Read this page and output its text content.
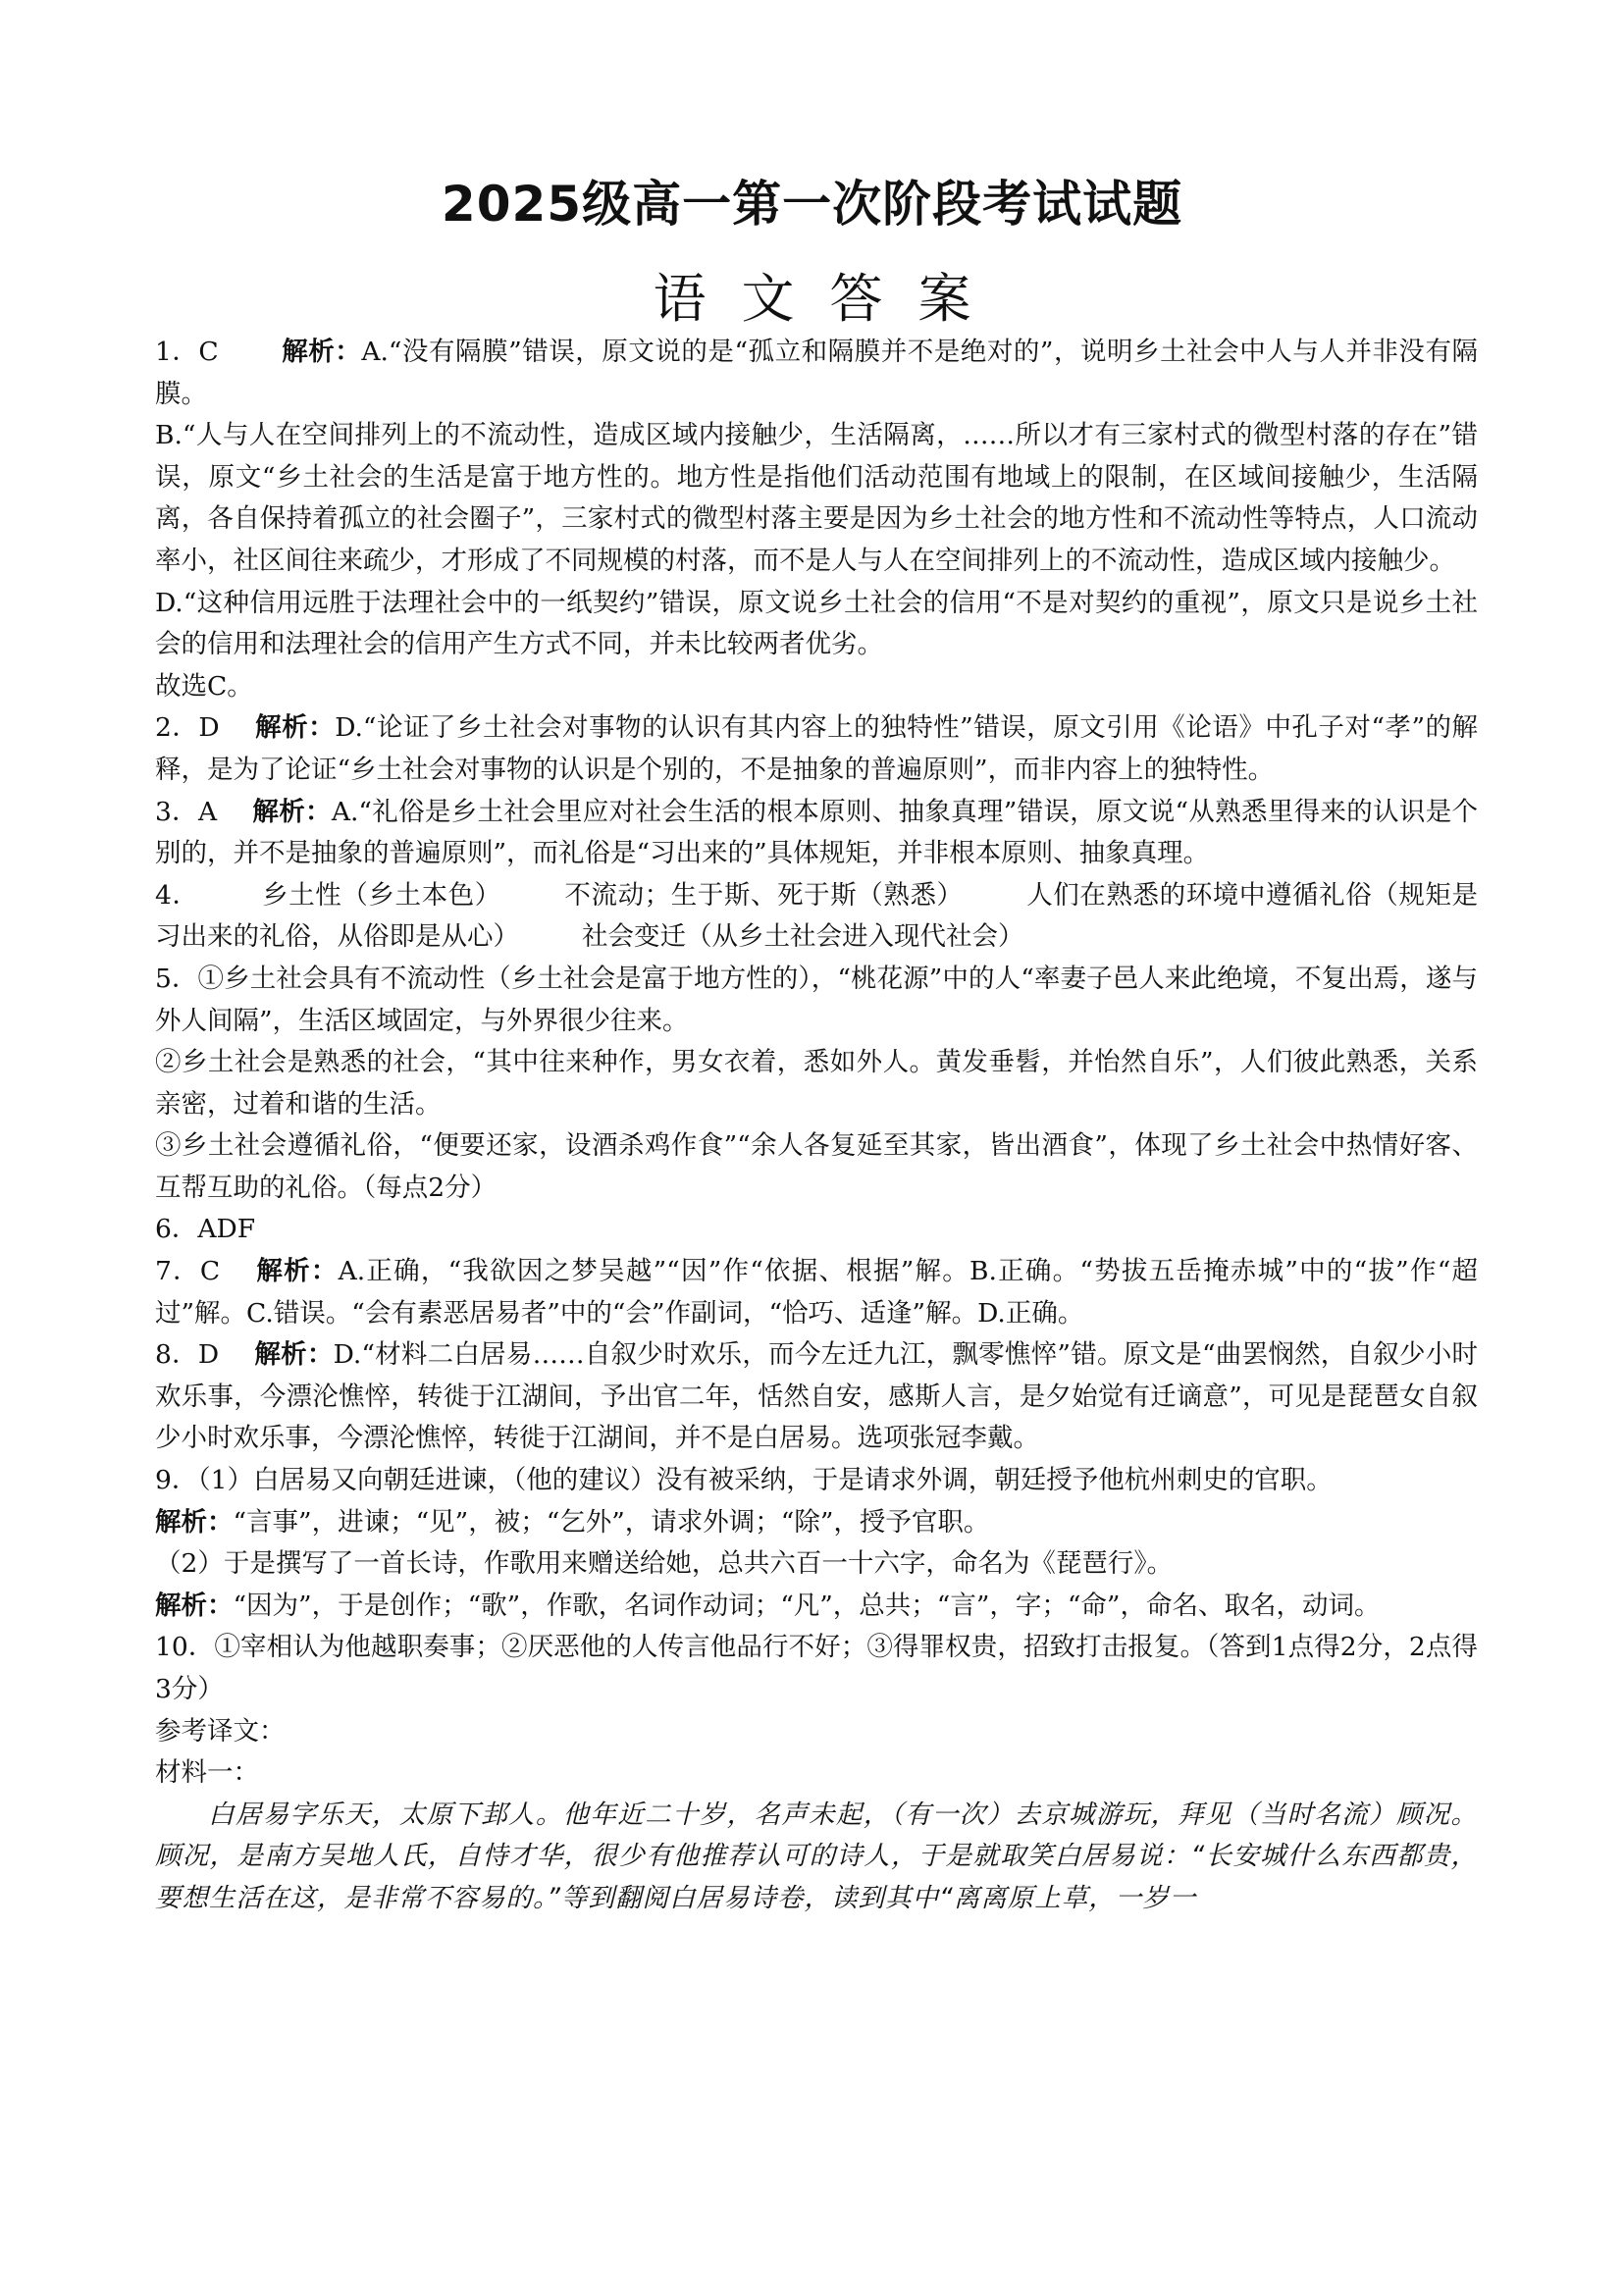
2025级高一第一次阶段考试试题
语文答案

1．C 解析：A.“没有隔膜”错误，原文说的是“孤立和隔膜并不是绝对的”，说明乡土社会中人与人并非没有隔膜。

B.“人与人在空间排列上的不流动性，造成区域内接触少，生活隔离，……所以才有三家村式的微型村落的存在”错误，原文“乡土社会的生活是富于地方性的。地方性是指他们活动范围有地域上的限制，在区域间接触少，生活隔离，各自保持着孤立的社会圈子”，三家村式的微型村落主要是因为乡土社会的地方性和不流动性等特点，人口流动率小，社区间往来疏少，才形成了不同规模的村落，而不是人与人在空间排列上的不流动性，造成区域内接触少。

D.“这种信用远胜于法理社会中的一纸契约”错误，原文说乡土社会的信用“不是对契约的重视”，原文只是说乡土社会的信用和法理社会的信用产生方式不同，并未比较两者优劣。

故选C。

2．D 解析：D.“论证了乡土社会对事物的认识有其内容上的独特性”错误，原文引用《论语》中孔子对“孝”的解释，是为了论证“乡土社会对事物的认识是个别的，不是抽象的普遍原则”，而非内容上的独特性。

3．A 解析：A.“礼俗是乡土社会里应对社会生活的根本原则、抽象真理”错误，原文说“从熟悉里得来的认识是个别的，并不是抽象的普遍原则”，而礼俗是“习出来的”具体规矩，并非根本原则、抽象真理。

4． 乡土性（乡土本色） 不流动；生于斯、死于斯（熟悉） 人们在熟悉的环境中遵循礼俗（规矩是习出来的礼俗，从俗即是从心） 社会变迁（从乡土社会进入现代社会）

5．①乡土社会具有不流动性（乡土社会是富于地方性的），“桃花源”中的人“率妻子邑人来此绝境，不复出焉，遂与外人间隔”，生活区域固定，与外界很少往来。

②乡土社会是熟悉的社会，“其中往来种作，男女衣着，悉如外人。黄发垂髫，并怡然自乐”，人们彼此熟悉，关系亲密，过着和谐的生活。

③乡土社会遵循礼俗，“便要还家，设酒杀鸡作食”“余人各复延至其家，皆出酒食”，体现了乡土社会中热情好客、互帮互助的礼俗。（每点2分）

6．ADF

7．C 解析：A.正确，“我欲因之梦吴越”“因”作“依据、根据”解。B.正确。“势拔五岳掩赤城”中的“拔”作“超过”解。C.错误。“会有素恶居易者”中的“会”作副词，“恰巧、适逢”解。D.正确。

8．D 解析：D.“材料二白居易……自叙少时欢乐，而今左迁九江，飘零憔悴”错。原文是“曲罢悯然，自叙少小时欢乐事，今漂沦憔悴，转徙于江湖间，予出官二年，恬然自安，感斯人言，是夕始觉有迁谪意”，可见是琵琶女自叙少小时欢乐事，今漂沦憔悴，转徙于江湖间，并不是白居易。选项张冠李戴。

9．（1）白居易又向朝廷进谏，（他的建议）没有被采纳，于是请求外调，朝廷授予他杭州刺史的官职。

解析：“言事”，进谏；“见”，被；“乞外”，请求外调；“除”，授予官职。

（2）于是撰写了一首长诗，作歌用来赠送给她，总共六百一十六字，命名为《琵琶行》。

解析：“因为”，于是创作；“歌”，作歌，名词作动词；“凡”，总共；“言”，字；“命”，命名、取名，动词。

10．①宰相认为他越职奏事；②厌恶他的人传言他品行不好；③得罪权贵，招致打击报复。（答到1点得2分，2点得3分）

参考译文：

材料一：

白居易字乐天，太原下邽人。他年近二十岁，名声未起，（有一次）去京城游玩，拜见（当时名流）顾况。顾况，是南方吴地人氏，自恃才华，很少有他推荐认可的诗人，于是就取笑白居易说：“长安城什么东西都贵，要想生活在这，是非常不容易的。”等到翻阅白居易诗卷，读到其中“离离原上草，一岁一
